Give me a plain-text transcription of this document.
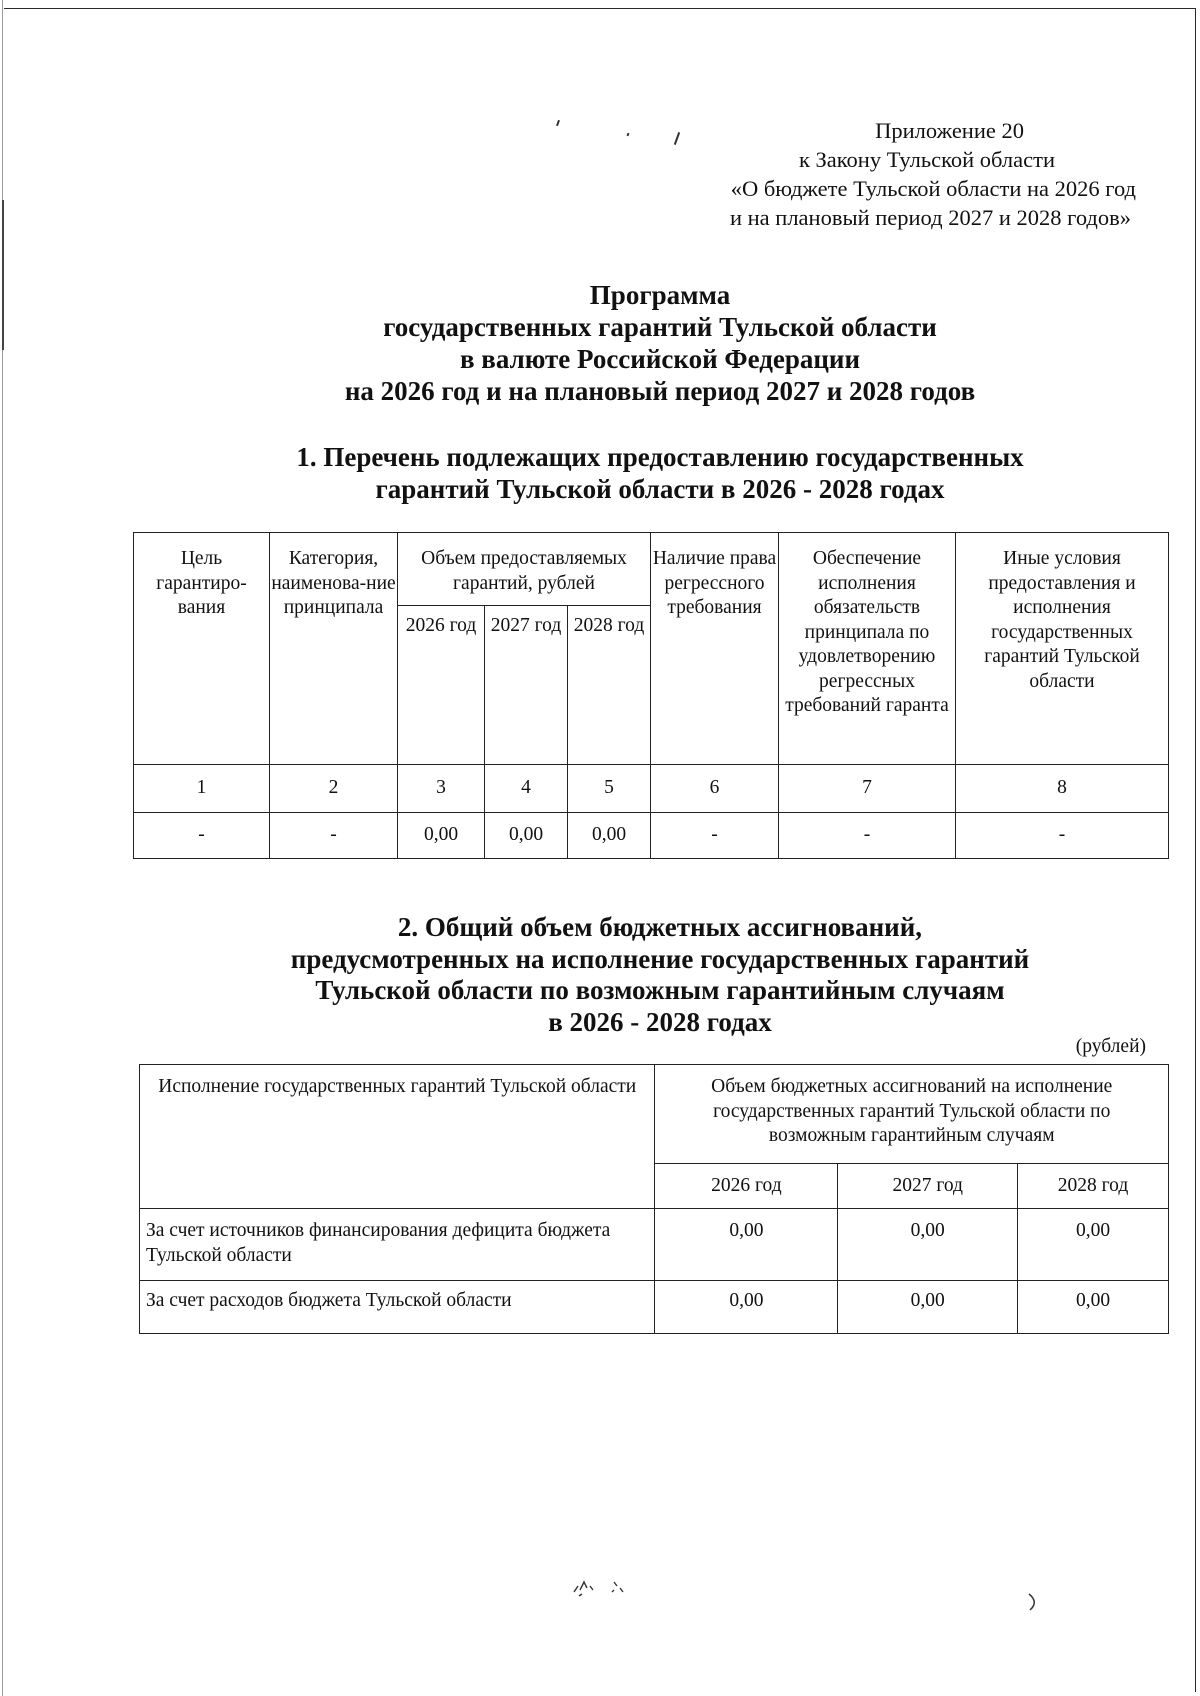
Приложение 20
к Закону Тульской области
«О бюджете Тульской области на 2026 год
и на плановый период 2027 и 2028 годов»
Программа
государственных гарантий Тульской области
в валюте Российской Федерации
на 2026 год и на плановый период 2027 и 2028 годов
1. Перечень подлежащих предоставлению государственных
гарантий Тульской области в 2026 - 2028 годах
Цель гарантиро-вания	Категория, наименова-ние принципала	Объем предоставляемых гарантий, рублей			Наличие права регрессного требования	Обеспечение исполнения обязательств принципала по удовлетворению регрессных требований гаранта	Иные условия предоставления и исполнения государственных гарантий Тульской области
		2026 год	2027 год	2028 год			
1	2	3	4	5	6	7	8
-	-	0,00	0,00	0,00	-	-	-
2. Общий объем бюджетных ассигнований,
предусмотренных на исполнение государственных гарантий
Тульской области по возможным гарантийным случаям
в 2026 - 2028 годах
(рублей)
Исполнение государственных гарантий Тульской области	Объем бюджетных ассигнований на исполнение государственных гарантий Тульской области по возможным гарантийным случаям		
	2026 год	2027 год	2028 год
За счет источников финансирования дефицита бюджета Тульской области	0,00	0,00	0,00
За счет расходов бюджета Тульской области	0,00	0,00	0,00
